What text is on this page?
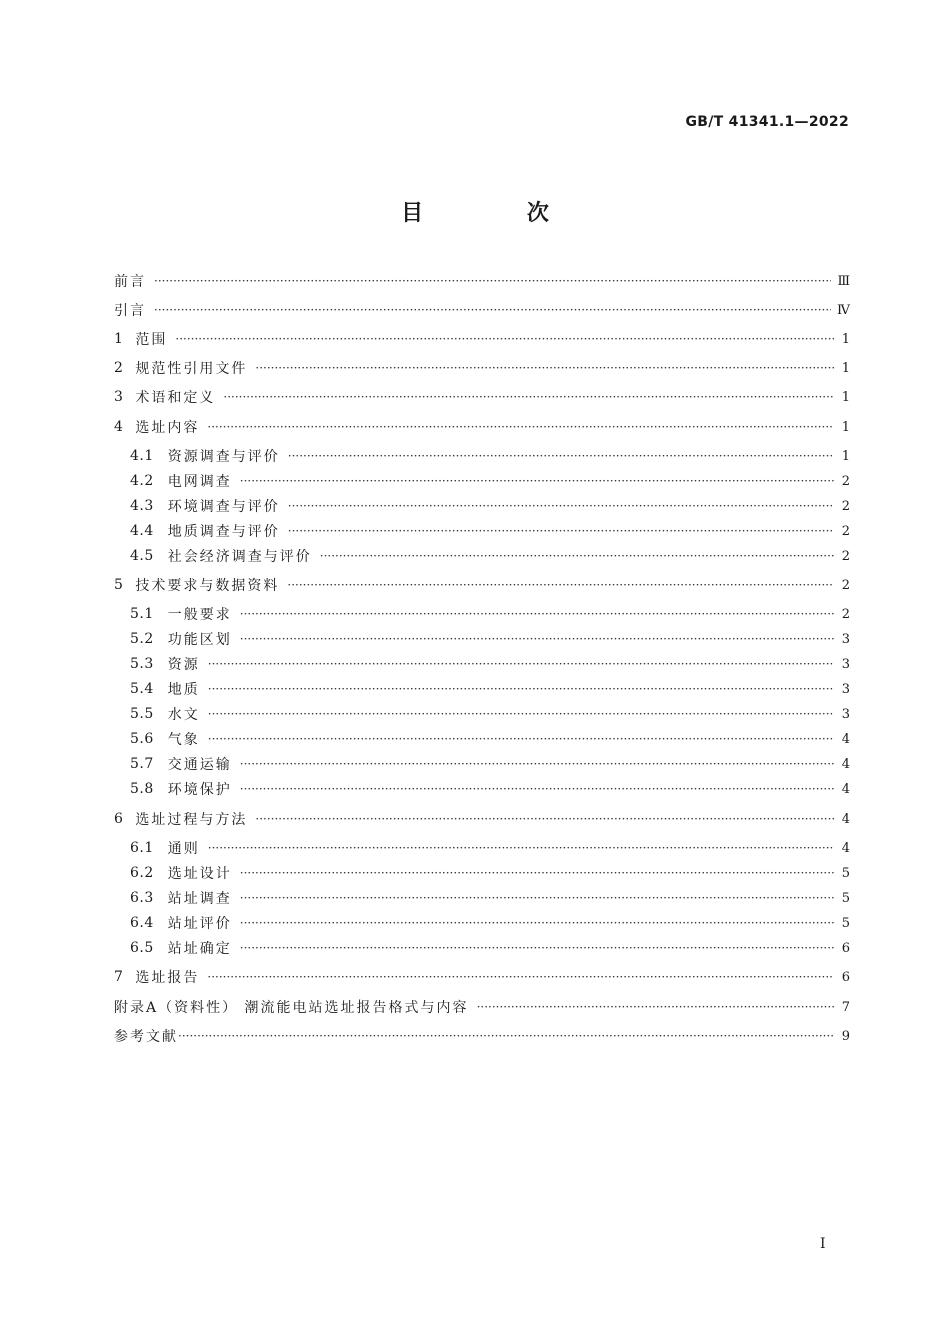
GB/T 41341.1—2022
目 次
前言 ·····	Ⅲ
引言 ·····	Ⅳ
1 范围 ·····	1
2 规范性引用文件 ·····	1
3 术语和定义 ·····	1
4 选址内容 ·····	1
4.1 资源调查与评价 ·····	1
4.2 电网调查 ·····	2
4.3 环境调查与评价 ·····	2
4.4 地质调查与评价 ·····	2
4.5 社会经济调查与评价 ·····	2
5 技术要求与数据资料 ·····	2
5.1 一般要求 ·····	2
5.2 功能区划 ·····	3
5.3 资源 ·····	3
5.4 地质 ·····	3
5.5 水文 ·····	3
5.6 气象 ·····	4
5.7 交通运输 ·····	4
5.8 环境保护 ·····	4
6 选址过程与方法 ·····	4
6.1 通则 ·····	4
6.2 选址设计 ·····	5
6.3 站址调查 ·····	5
6.4 站址评价 ·····	5
6.5 站址确定 ·····	6
7 选址报告 ·····	6
附录A（资料性） 潮流能电站选址报告格式与内容 ·····	7
参考文献 ·····	9
I
